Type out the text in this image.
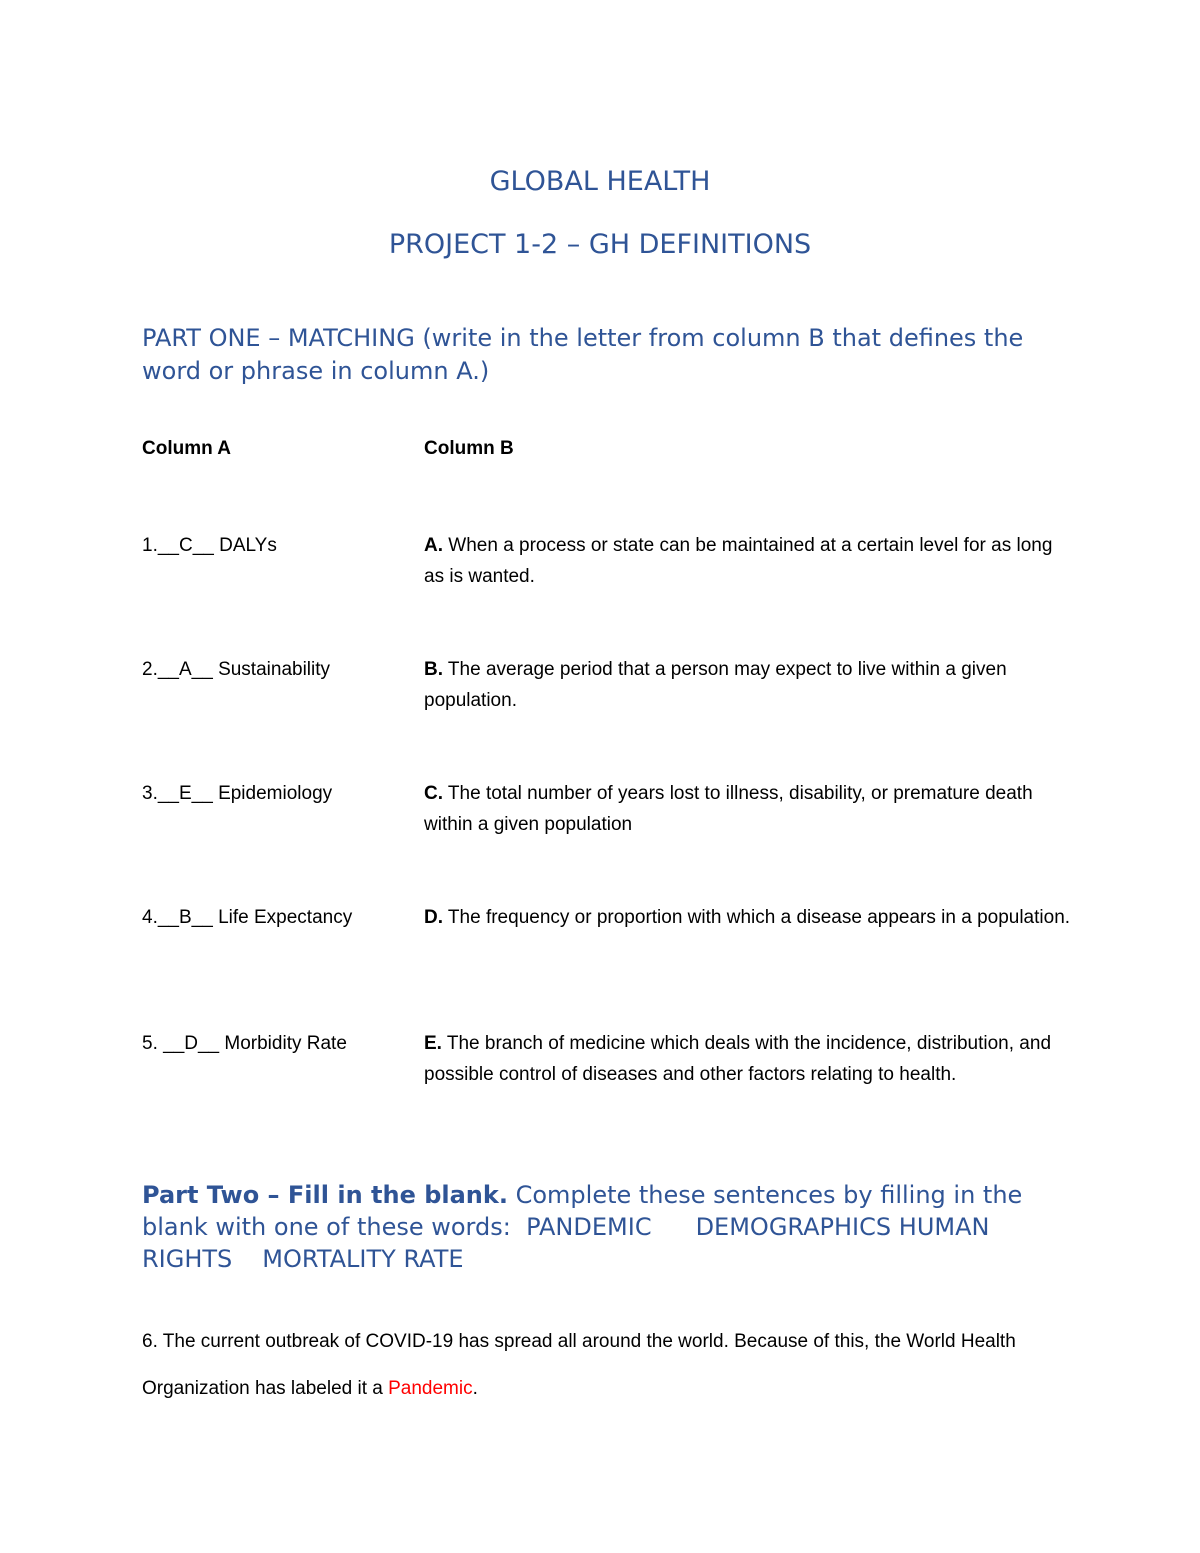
GLOBAL HEALTH
PROJECT 1-2 – GH DEFINITIONS

PART ONE – MATCHING (write in the letter from column B that defines the word or phrase in column A.)

Column A	Column B
1.__C__ DALYs	A. When a process or state can be maintained at a certain level for as long as is wanted.
2.__A__ Sustainability	B. The average period that a person may expect to live within a given population.
3.__E__ Epidemiology	C. The total number of years lost to illness, disability, or premature death within a given population
4.__B__ Life Expectancy	D. The frequency or proportion with which a disease appears in a population.
5. __D__ Morbidity Rate	E. The branch of medicine which deals with the incidence, distribution, and possible control of diseases and other factors relating to health.

Part Two – Fill in the blank. Complete these sentences by filling in the blank with one of these words: PANDEMIC DEMOGRAPHICS HUMAN RIGHTS MORTALITY RATE

6. The current outbreak of COVID-19 has spread all around the world. Because of this, the World Health Organization has labeled it a Pandemic.
